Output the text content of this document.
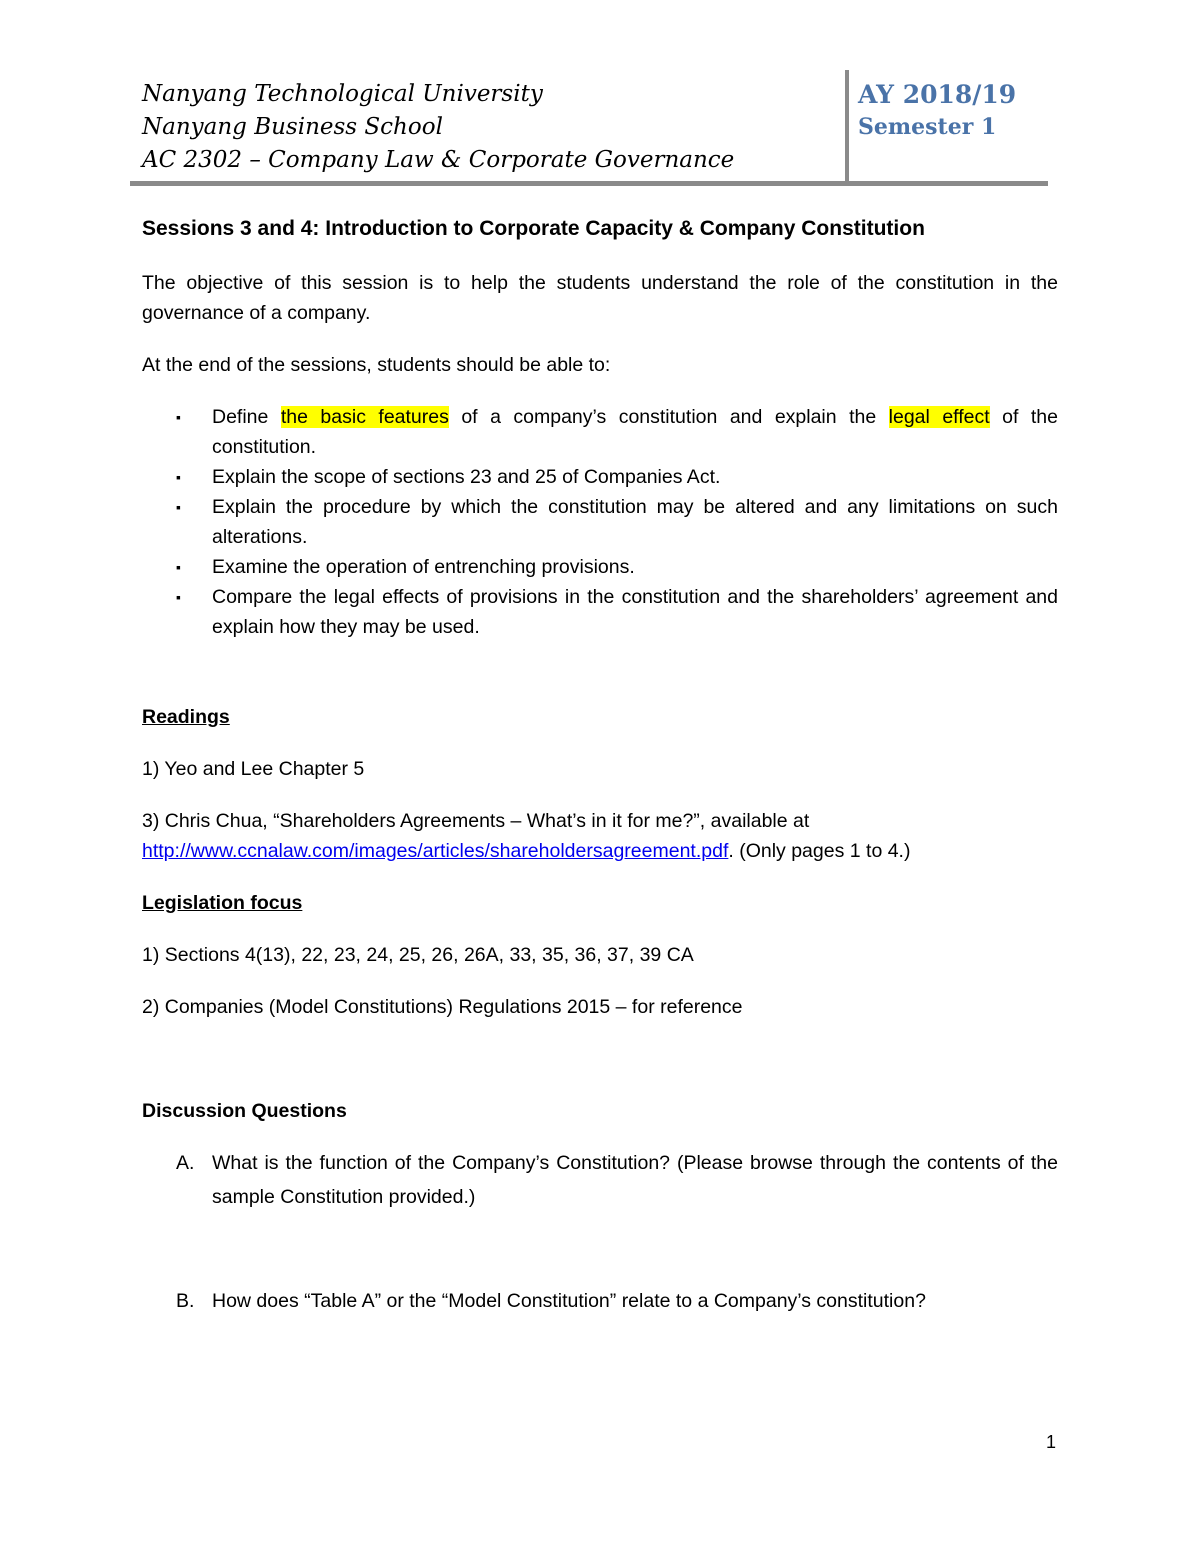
Nanyang Technological University
Nanyang Business School
AC 2302 – Company Law & Corporate Governance
AY 2018/19
Semester 1

Sessions 3 and 4: Introduction to Corporate Capacity & Company Constitution

The objective of this session is to help the students understand the role of the constitution in the governance of a company.

At the end of the sessions, students should be able to:

▪ Define the basic features of a company’s constitution and explain the legal effect of the constitution.
▪ Explain the scope of sections 23 and 25 of Companies Act.
▪ Explain the procedure by which the constitution may be altered and any limitations on such alterations.
▪ Examine the operation of entrenching provisions.
▪ Compare the legal effects of provisions in the constitution and the shareholders’ agreement and explain how they may be used.

Readings

1) Yeo and Lee Chapter 5

3) Chris Chua, “Shareholders Agreements – What’s in it for me?”, available at

http://www.ccnalaw.com/images/articles/shareholdersagreement.pdf. (Only pages 1 to 4.)

Legislation focus

1) Sections 4(13), 22, 23, 24, 25, 26, 26A, 33, 35, 36, 37, 39 CA

2) Companies (Model Constitutions) Regulations 2015 – for reference

Discussion Questions

A. What is the function of the Company’s Constitution? (Please browse through the contents of the sample Constitution provided.)
B. How does “Table A” or the “Model Constitution” relate to a Company’s constitution?
1
